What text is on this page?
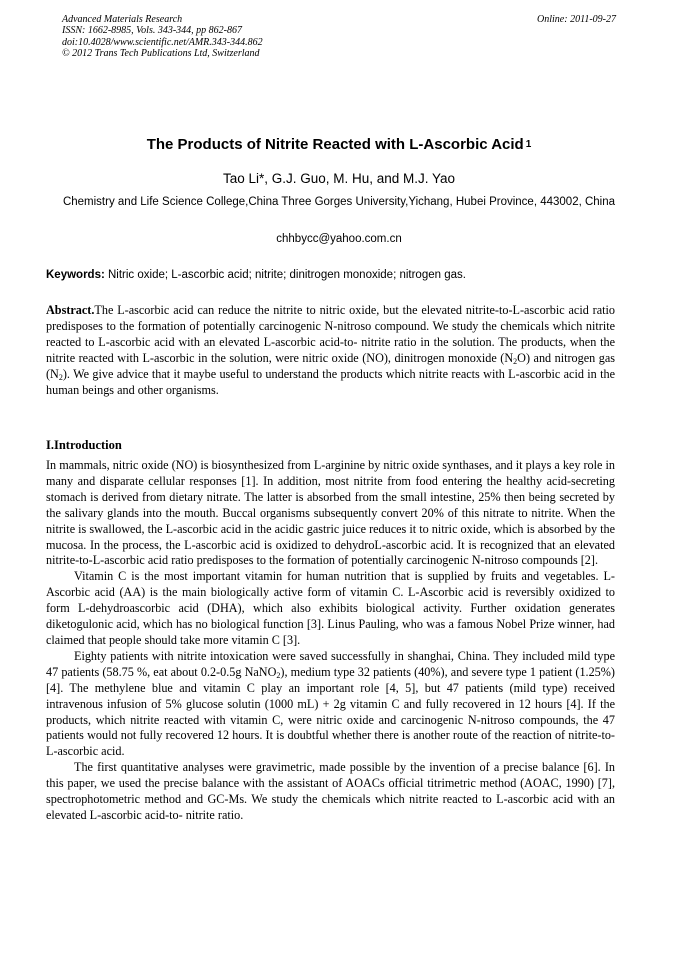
Advanced Materials Research
ISSN: 1662-8985, Vols. 343-344, pp 862-867
doi:10.4028/www.scientific.net/AMR.343-344.862
© 2012 Trans Tech Publications Ltd, Switzerland
Online: 2011-09-27
The Products of Nitrite Reacted with L-Ascorbic Acid $^1$
Tao Li*, G.J. Guo, M. Hu, and M.J. Yao
Chemistry and Life Science College,China Three Gorges University,Yichang, Hubei Province, 443002, China
chhbycc@yahoo.com.cn
Keywords: Nitric oxide; L-ascorbic acid; nitrite; dinitrogen monoxide; nitrogen gas.

Abstract.The L-ascorbic acid can reduce the nitrite to nitric oxide, but the elevated nitrite-to-L-ascorbic acid ratio predisposes to the formation of potentially carcinogenic N-nitroso compound. We study the chemicals which nitrite reacted to L-ascorbic acid with an elevated L-ascorbic acid-to- nitrite ratio in the solution. The products, when the nitrite reacted with L-ascorbic in the solution, were nitric oxide (NO), dinitrogen monoxide $(N_2O)$ and nitrogen gas $(N_2)$. We give advice that it maybe useful to understand the products which nitrite reacts with L-ascorbic acid in the human beings and other organisms.

I.Introduction

In mammals, nitric oxide (NO) is biosynthesized from L-arginine by nitric oxide synthases, and it plays a key role in many and disparate cellular responses [1]. In addition, most nitrite from food entering the healthy acid-secreting stomach is derived from dietary nitrate. The latter is absorbed from the small intestine, 25% then being secreted by the salivary glands into the mouth. Buccal organisms subsequently convert 20% of this nitrate to nitrite. When the nitrite is swallowed, the L-ascorbic acid in the acidic gastric juice reduces it to nitric oxide, which is absorbed by the mucosa. In the process, the L-ascorbic acid is oxidized to dehydroL-ascorbic acid. It is recognized that an elevated nitrite-to-L-ascorbic acid ratio predisposes to the formation of potentially carcinogenic N-nitroso compounds [2].

Vitamin C is the most important vitamin for human nutrition that is supplied by fruits and vegetables. L-Ascorbic acid (AA) is the main biologically active form of vitamin C. L-Ascorbic acid is reversibly oxidized to form L-dehydroascorbic acid (DHA), which also exhibits biological activity. Further oxidation generates diketogulonic acid, which has no biological function [3]. Linus Pauling, who was a famous Nobel Prize winner, had claimed that people should take more vitamin C [3].

Eighty patients with nitrite intoxication were saved successfully in shanghai, China. They included mild type 47 patients (58.75 %, eat about 0.2-0.5g NaNO$_2$), medium type 32 patients (40%), and severe type 1 patient (1.25%) [4]. The methylene blue and vitamin C play an important role [4, 5], but 47 patients (mild type) received intravenous infusion of 5% glucose solutin (1000 mL) + 2g vitamin C and fully recovered in 12 hours [4]. If the products, which nitrite reacted with vitamin C, were nitric oxide and carcinogenic N-nitroso compounds, the 47 patients would not fully recovered 12 hours. It is doubtful whether there is another route of the reaction of nitrite-to-L-ascorbic acid.

The first quantitative analyses were gravimetric, made possible by the invention of a precise balance [6]. In this paper, we used the precise balance with the assistant of AOACs official titrimetric method (AOAC, 1990) [7], spectrophotometric method and GC-Ms. We study the chemicals which nitrite reacted to L-ascorbic acid with an elevated L-ascorbic acid-to- nitrite ratio.
